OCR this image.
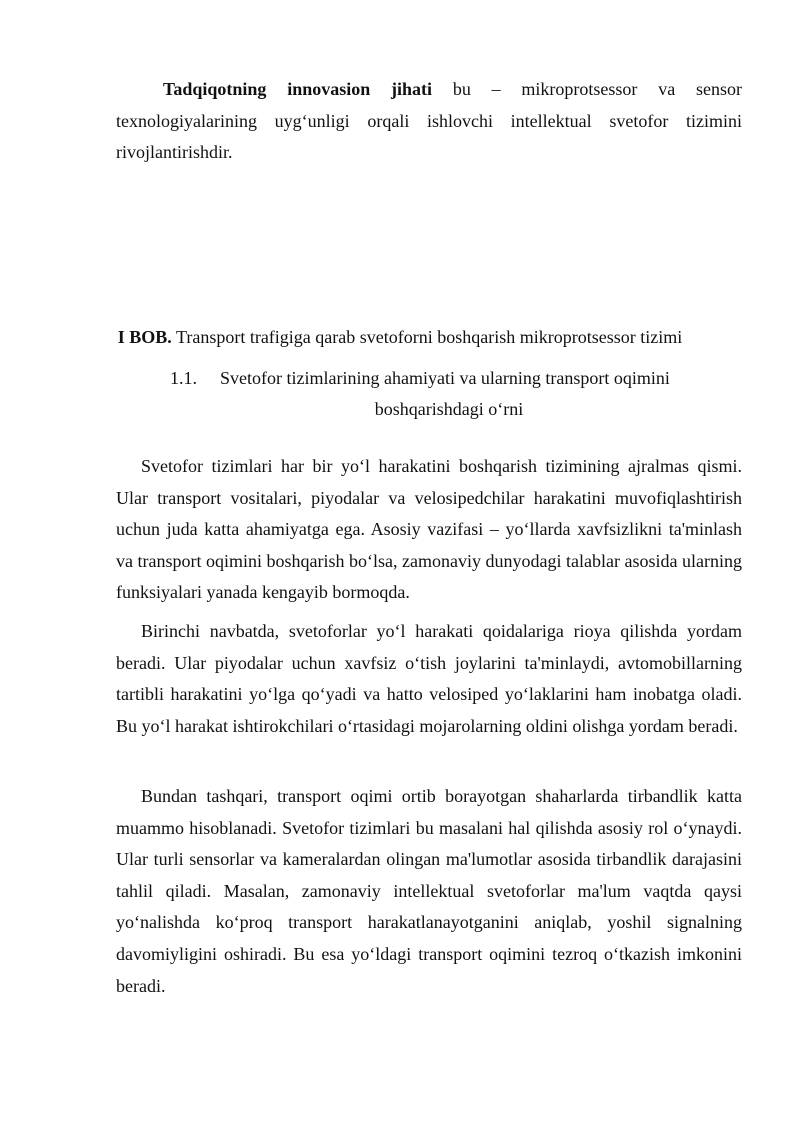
Tadqiqotning innovasion jihati bu – mikroprotsessor va sensor texnologiyalarining uyg‘unligi orqali ishlovchi intellektual svetofor tizimini rivojlantirishdir.

I BOB. Transport trafigiga qarab svetoforni boshqarish mikroprotsessor tizimi

1.1. Svetofor tizimlarining ahamiyati va ularning transport oqimini
boshqarishdagi o‘rni

Svetofor tizimlari har bir yo‘l harakatini boshqarish tizimining ajralmas qismi. Ular transport vositalari, piyodalar va velosipedchilar harakatini muvofiqlashtirish uchun juda katta ahamiyatga ega. Asosiy vazifasi – yo‘llarda xavfsizlikni ta'minlash va transport oqimini boshqarish bo‘lsa, zamonaviy dunyodagi talablar asosida ularning funksiyalari yanada kengayib bormoqda.

Birinchi navbatda, svetoforlar yo‘l harakati qoidalariga rioya qilishda yordam beradi. Ular piyodalar uchun xavfsiz o‘tish joylarini ta'minlaydi, avtomobillarning tartibli harakatini yo‘lga qo‘yadi va hatto velosiped yo‘laklarini ham inobatga oladi. Bu yo‘l harakat ishtirokchilari o‘rtasidagi mojarolarning oldini olishga yordam beradi.

Bundan tashqari, transport oqimi ortib borayotgan shaharlarda tirbandlik katta muammo hisoblanadi. Svetofor tizimlari bu masalani hal qilishda asosiy rol o‘ynaydi. Ular turli sensorlar va kameralardan olingan ma'lumotlar asosida tirbandlik darajasini tahlil qiladi. Masalan, zamonaviy intellektual svetoforlar ma'lum vaqtda qaysi yo‘nalishda ko‘proq transport harakatlanayotganini aniqlab, yoshil signalning davomiyligini oshiradi. Bu esa yo‘ldagi transport oqimini tezroq o‘tkazish imkonini beradi.
